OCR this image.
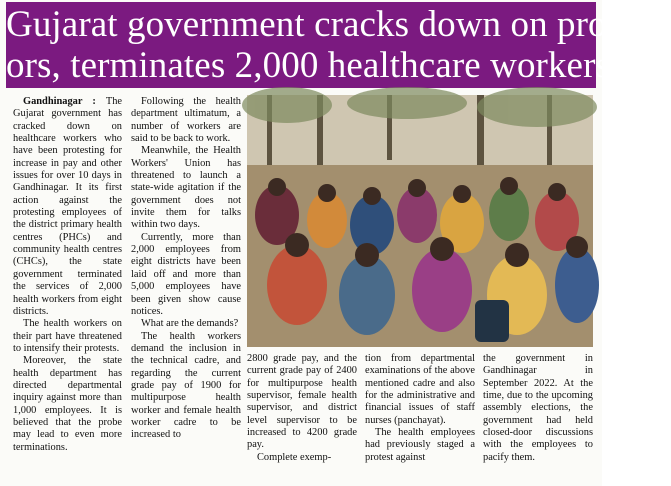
Gujarat government cracks down on protest-
ors, terminates 2,000 healthcare workers

Gandhinagar : The Gujarat government has cracked down on healthcare workers who have been protesting for increase in pay and other issues for over 10 days in Gandhinagar. It its first action against the protesting employees of the district primary health centres (PHCs) and community health centres (CHCs), the state government terminated the services of 2,000 health workers from eight districts.

The health workers on their part have threatened to intensify their protests.

Moreover, the state health department has directed departmental inquiry against more than 1,000 employees. It is believed that the probe may lead to even more terminations.

Following the health department ultimatum, a number of workers are said to be back to work.

Meanwhile, the Health Workers' Union has threatened to launch a state-wide agitation if the government does not invite them for talks within two days.

Currently, more than 2,000 employees from eight districts have been laid off and more than 5,000 employees have been given show cause notices.

What are the demands?

The health workers demand the inclusion in the technical cadre, and regarding the current grade pay of 1900 for multipurpose health worker and female health worker cadre to be increased to

2800 grade pay, and the current grade pay of 2400 for multipurpose health supervisor, female health supervisor, and district level supervisor to be increased to 4200 grade pay.

Complete exemp-

tion from departmental examinations of the above mentioned cadre and also for the administrative and financial issues of staff nurses (panchayat).

The health employees had previously staged a protest against

the government in Gandhinagar in September 2022. At the time, due to the upcoming assembly elections, the government had held closed-door discussions with the employees to pacify them.
